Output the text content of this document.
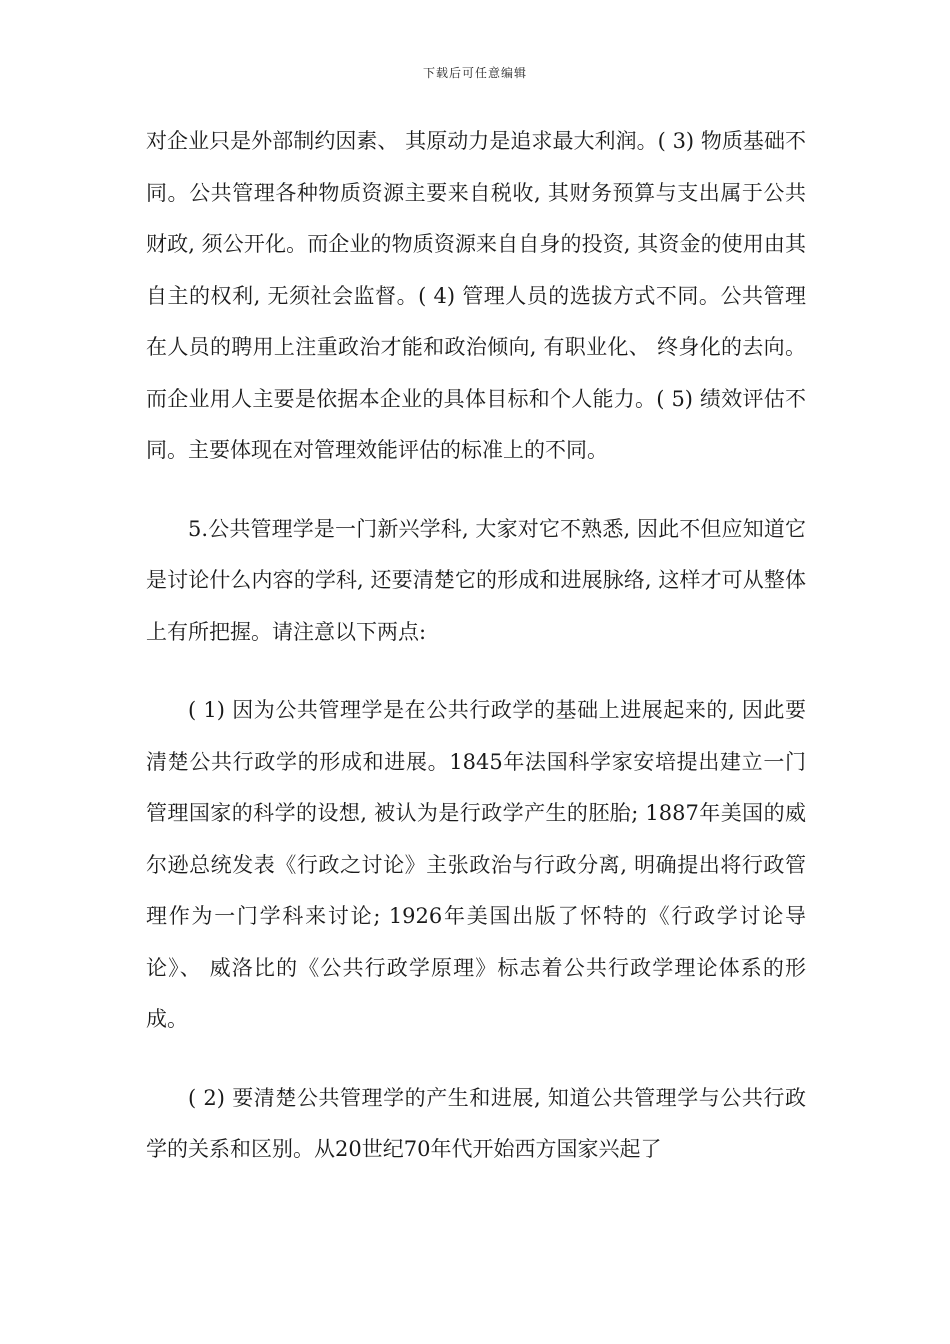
下载后可任意编辑

对企业只是外部制约因素、 其原动力是追求最大利润。( 3) 物质基础不同。公共管理各种物质资源主要来自税收, 其财务预算与支出属于公共财政, 须公开化。而企业的物质资源来自自身的投资, 其资金的使用由其自主的权利, 无须社会监督。( 4) 管理人员的选拔方式不同。公共管理在人员的聘用上注重政治才能和政治倾向, 有职业化、 终身化的去向。而企业用人主要是依据本企业的具体目标和个人能力。( 5) 绩效评估不同。主要体现在对管理效能评估的标准上的不同。

5.公共管理学是一门新兴学科, 大家对它不熟悉, 因此不但应知道它是讨论什么内容的学科, 还要清楚它的形成和进展脉络, 这样才可从整体上有所把握。请注意以下两点:

( 1) 因为公共管理学是在公共行政学的基础上进展起来的, 因此要清楚公共行政学的形成和进展。1845年法国科学家安培提出建立一门管理国家的科学的设想, 被认为是行政学产生的胚胎; 1887年美国的威尔逊总统发表《行政之讨论》主张政治与行政分离, 明确提出将行政管理作为一门学科来讨论; 1926年美国出版了怀特的《行政学讨论导论》、 威洛比的《公共行政学原理》标志着公共行政学理论体系的形成。

( 2) 要清楚公共管理学的产生和进展, 知道公共管理学与公共行政学的关系和区别。从20世纪70年代开始西方国家兴起了
